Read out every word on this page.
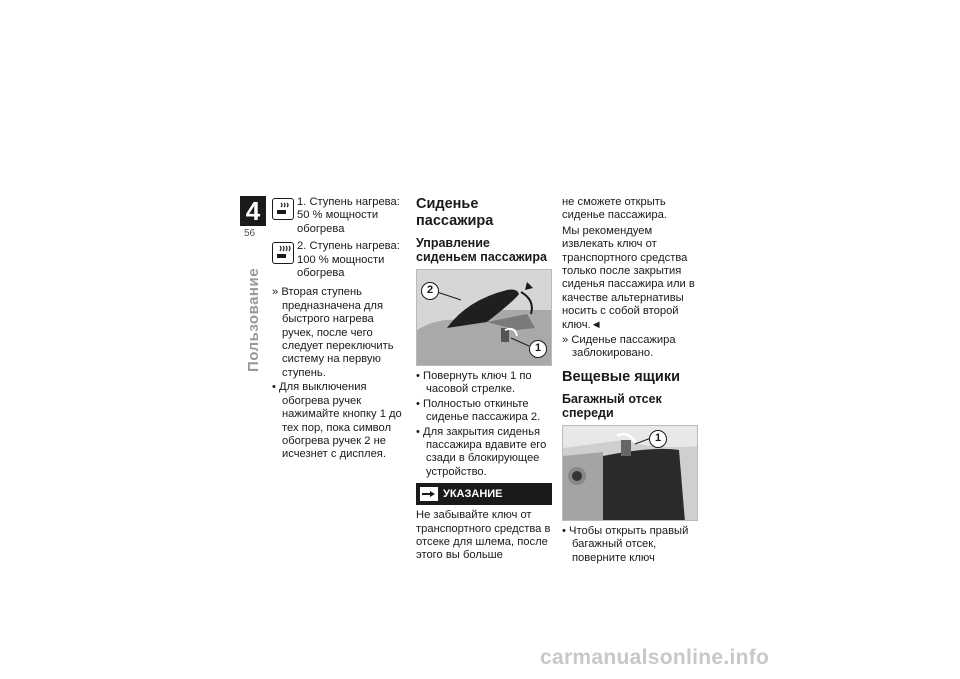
4
56
Пользование
1. Ступень нагрева: 50 % мощности обогрева

2. Ступень нагрева:

100 % мощности обогрева

» Вторая ступень предназначена для быстрого нагрева ручек, после чего следует переключить систему на первую ступень.

• Для выключения обогрева ручек нажимайте кнопку 1 до тех пор, пока символ обогрева ручек 2 не исчезнет с дисплея.

Сиденье пассажира
Управление сиденьем пассажира
2
1

• Повернуть ключ 1 по часовой стрелке.

• Полностью откиньте сиденье пассажира 2.

• Для закрытия сиденья пассажира вдавите его сзади в блокирующее устройство.

УКАЗАНИЕ

Не забывайте ключ от транспортного средства в отсеке для шлема, после этого вы больше

не сможете открыть сиденье пассажира.

Мы рекомендуем извлекать ключ от транспортного средства только после закрытия сиденья пассажира или в качестве альтернативы носить с собой второй ключ.◄

» Сиденье пассажира заблокировано.

Вещевые ящики
Багажный отсек спереди
1

• Чтобы открыть правый багажный отсек, поверните ключ

carmanualsonline.info
